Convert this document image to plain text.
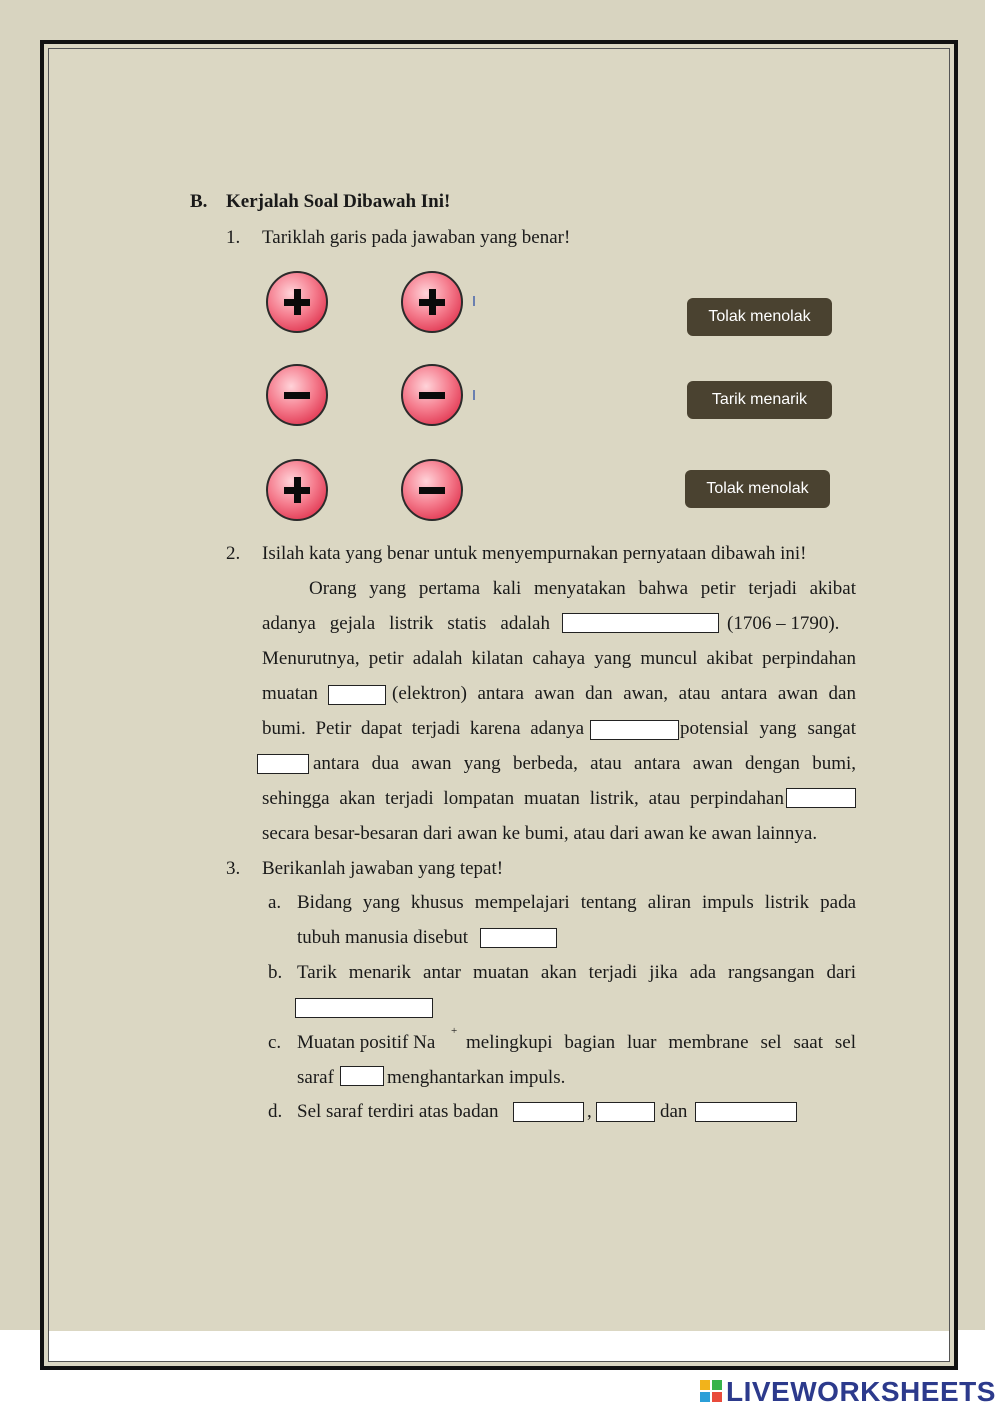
B. Kerjalah Soal Dibawah Ini!
1. Tariklah garis pada jawaban yang benar!
Tolak menolak
Tarik menarik
Tolak menolak
2. Isilah kata yang benar untuk menyempurnakan pernyataan dibawah ini!
Orang yang pertama kali menyatakan bahwa petir terjadi akibat
adanya gejala listrik statis adalah	(1706 – 1790).
Menurutnya, petir adalah kilatan cahaya yang muncul akibat perpindahan
muatan	(elektron) antara awan dan awan, atau antara awan dan
bumi. Petir dapat terjadi karena adanya	potensial yang sangat
antara dua awan yang berbeda, atau antara awan dengan bumi,
sehingga akan terjadi lompatan muatan listrik, atau perpindahan
secara besar-besaran dari awan ke bumi, atau dari awan ke awan lainnya.
3. Berikanlah jawaban yang tepat!
a. Bidang yang khusus mempelajari tentang aliran impuls listrik pada
tubuh manusia disebut
b. Tarik menarik antar muatan akan terjadi jika ada rangsangan dari
c. Muatan positif Na
+
melingkupi bagian luar membrane sel saat sel
saraf	menghantarkan impuls.
d. Sel saraf terdiri atas badan	,	dan
LIVEWORKSHEETS
